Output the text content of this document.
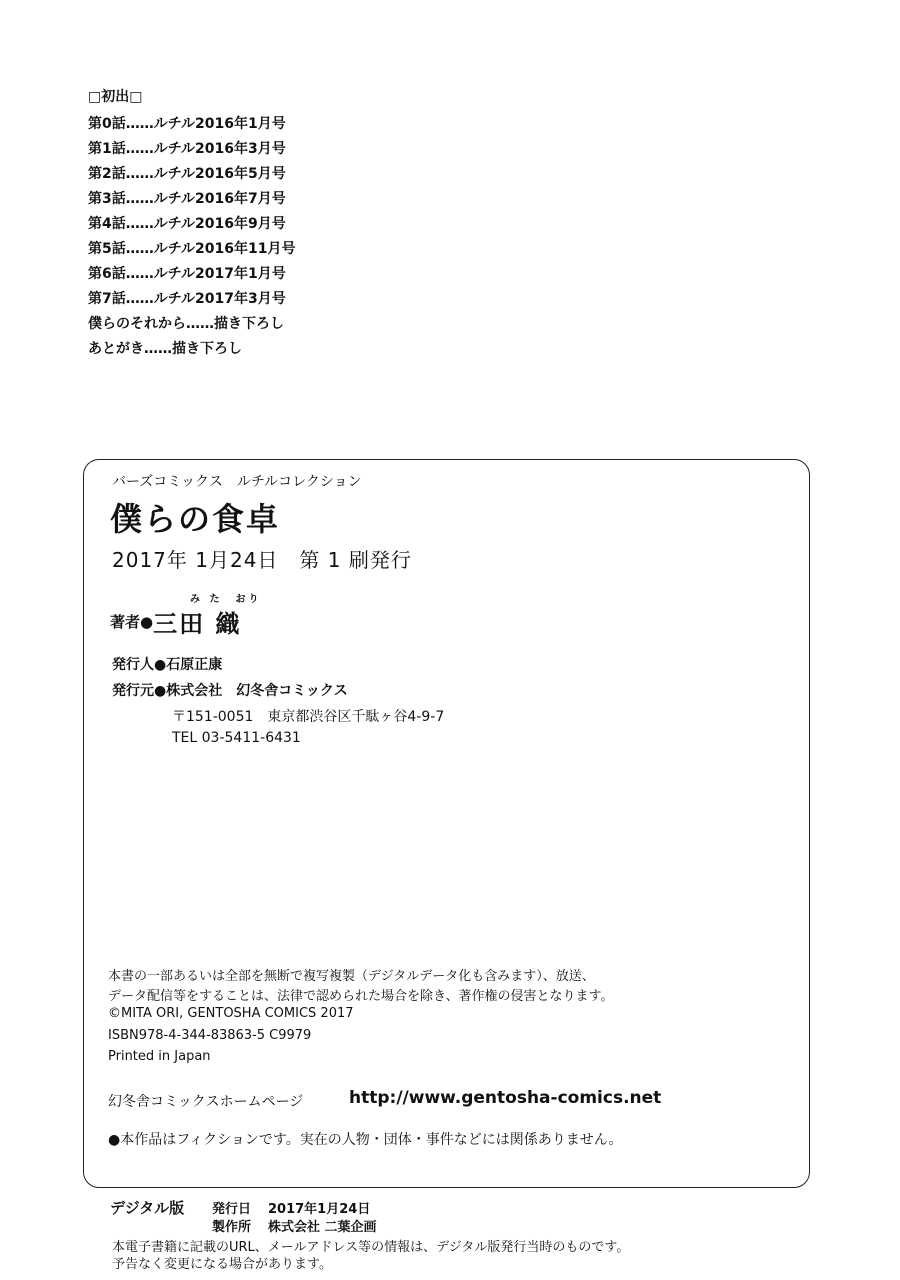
□初出□
第0話……ルチル2016年1月号
第1話……ルチル2016年3月号
第2話……ルチル2016年5月号
第3話……ルチル2016年7月号
第4話……ルチル2016年9月号
第5話……ルチル2016年11月号
第6話……ルチル2017年1月号
第7話……ルチル2017年3月号
僕らのそれから……描き下ろし
あとがき……描き下ろし
バーズコミックス　ルチルコレクション
僕らの食卓
2017年 1月24日　第 1 刷発行
み た　おり
著者●三田 織
発行人●石原正康
発行元●株式会社　幻冬舎コミックス
〒151-0051　東京都渋谷区千駄ヶ谷4-9-7
TEL 03-5411-6431
本書の一部あるいは全部を無断で複写複製（デジタルデータ化も含みます）、放送、
データ配信等をすることは、法律で認められた場合を除き、著作権の侵害となります。
©MITA ORI, GENTOSHA COMICS 2017
ISBN978-4-344-83863-5 C9979
Printed in Japan
幻冬舎コミックスホームページ	http://www.gentosha-comics.net
●本作品はフィクションです。実在の人物・団体・事件などには関係ありません。
デジタル版 発行日 2017年1月24日
製作所 株式会社 二葉企画
本電子書籍に記載のURL、メールアドレス等の情報は、デジタル版発行当時のものです。
予告なく変更になる場合があります。
